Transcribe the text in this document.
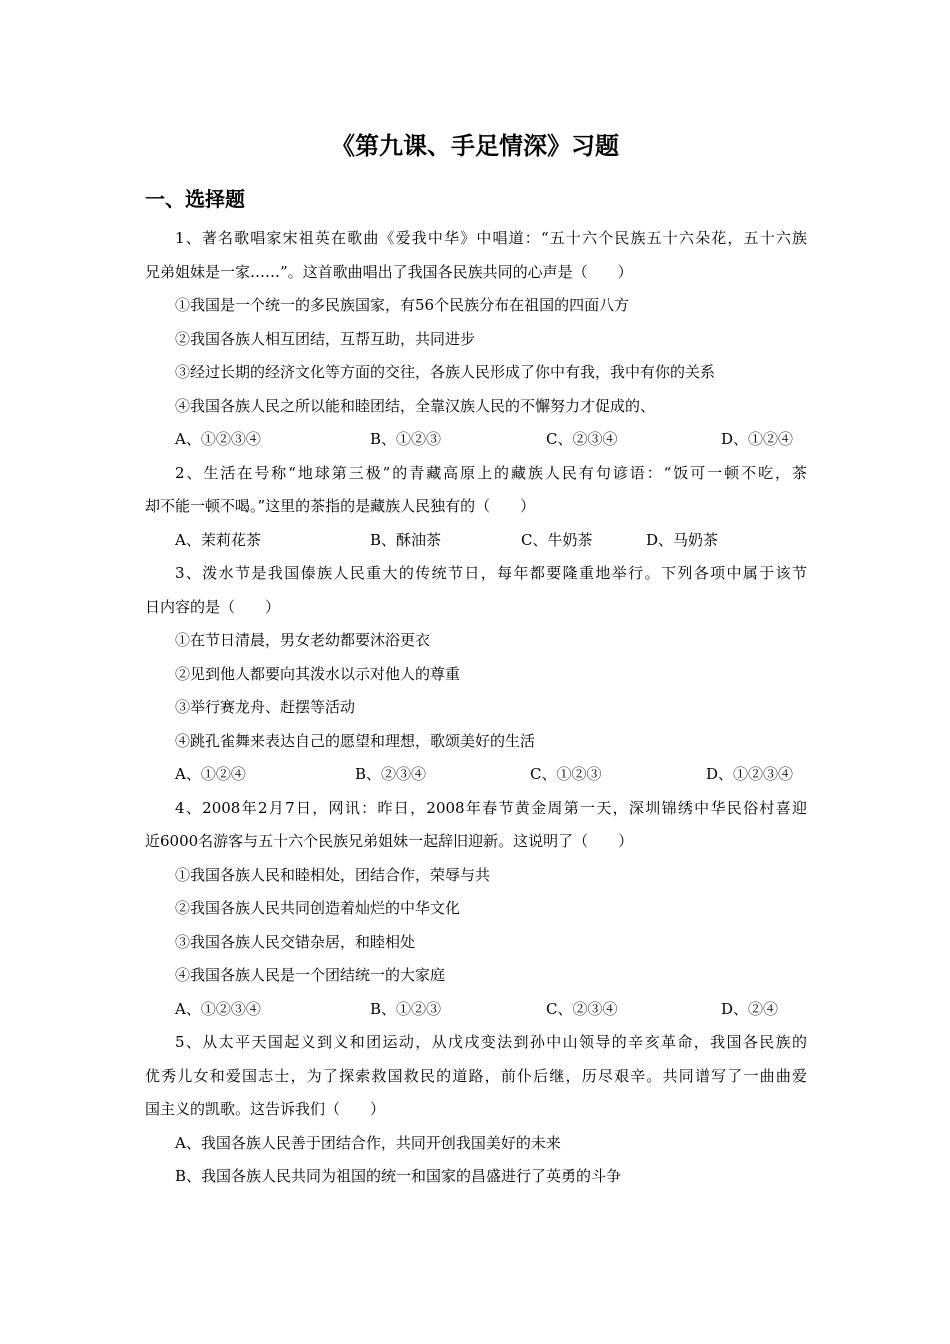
《第九课、手足情深》习题
一、选择题
1、著名歌唱家宋祖英在歌曲《爱我中华》中唱道：“五十六个民族五十六朵花，五十六族
兄弟姐妹是一家……”。这首歌曲唱出了我国各民族共同的心声是（　　）
①我国是一个统一的多民族国家，有56个民族分布在祖国的四面八方
②我国各族人相互团结，互帮互助，共同进步
③经过长期的经济文化等方面的交往，各族人民形成了你中有我，我中有你的关系
④我国各族人民之所以能和睦团结，全靠汉族人民的不懈努力才促成的、
A、①②③④	B、①②③	C、②③④	D、①②④
2、生活在号称“地球第三极”的青藏高原上的藏族人民有句谚语：“饭可一顿不吃，茶
却不能一顿不喝。”这里的茶指的是藏族人民独有的（　　）
A、茉莉花茶	B、酥油茶	C、牛奶茶	D、马奶茶
3、泼水节是我国傣族人民重大的传统节日，每年都要隆重地举行。下列各项中属于该节
日内容的是（　　）
①在节日清晨，男女老幼都要沐浴更衣
②见到他人都要向其泼水以示对他人的尊重
③举行赛龙舟、赶摆等活动
④跳孔雀舞来表达自己的愿望和理想，歌颂美好的生活
A、①②④	B、②③④	C、①②③	D、①②③④
4、2008年2月7日，网讯：昨日，2008年春节黄金周第一天，深圳锦绣中华民俗村喜迎
近6000名游客与五十六个民族兄弟姐妹一起辞旧迎新。这说明了（　　）
①我国各族人民和睦相处，团结合作，荣辱与共
②我国各族人民共同创造着灿烂的中华文化
③我国各族人民交错杂居，和睦相处
④我国各族人民是一个团结统一的大家庭
A、①②③④	B、①②③	C、②③④	D、②④
5、从太平天国起义到义和团运动，从戊戌变法到孙中山领导的辛亥革命，我国各民族的
优秀儿女和爱国志士，为了探索救国救民的道路，前仆后继，历尽艰辛。共同谱写了一曲曲爱
国主义的凯歌。这告诉我们（　　）
A、我国各族人民善于团结合作，共同开创我国美好的未来
B、我国各族人民共同为祖国的统一和国家的昌盛进行了英勇的斗争
